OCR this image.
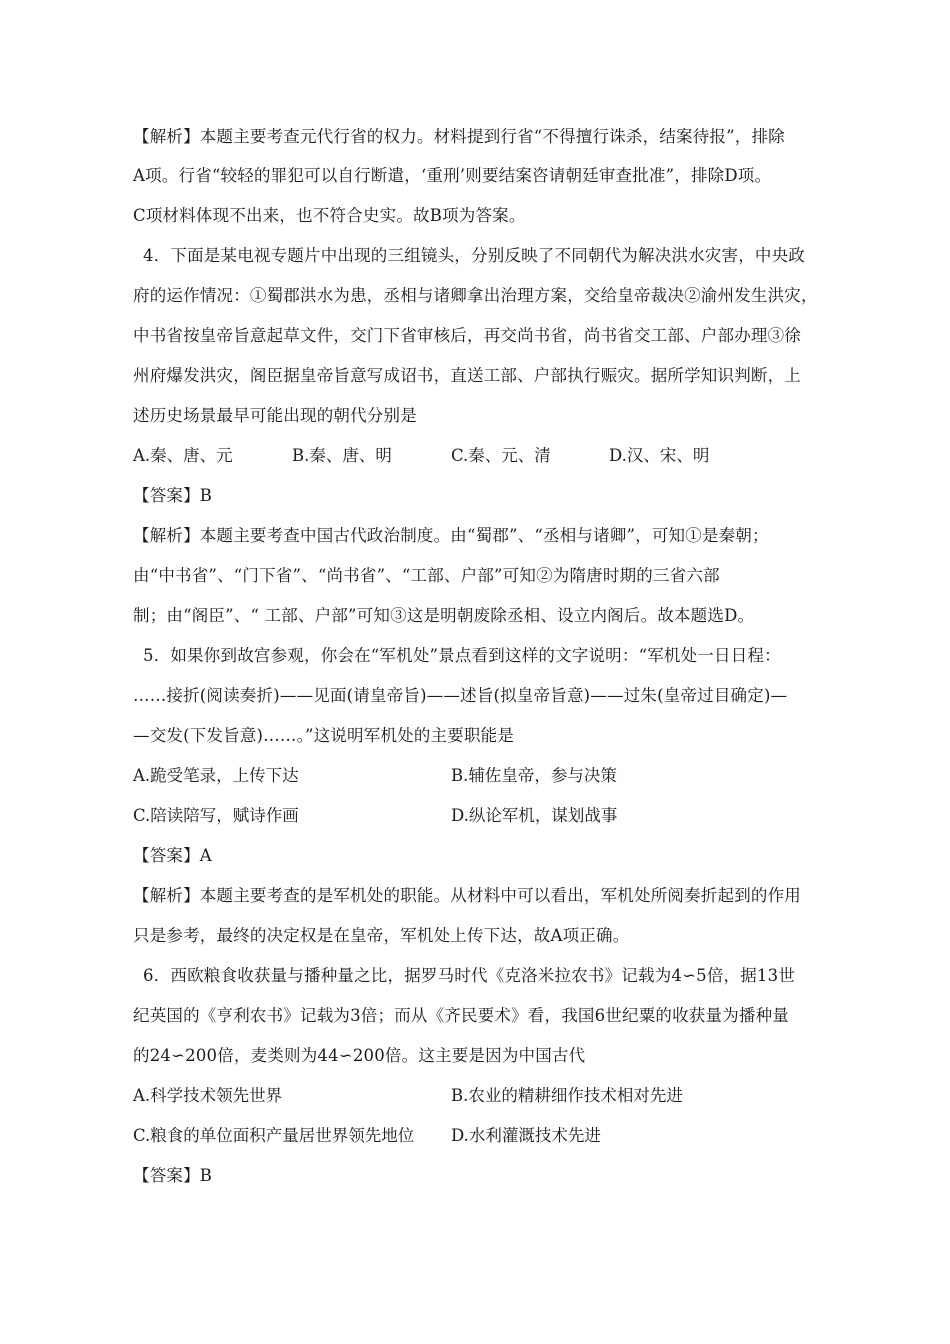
【解析】本题主要考查元代行省的权力。材料提到行省“不得擅行诛杀，结案待报”，排除
A项。行省“较轻的罪犯可以自行断遣，‘重刑’则要结案咨请朝廷审查批准”，排除D项。
C项材料体现不出来，也不符合史实。故B项为答案。
4．下面是某电视专题片中出现的三组镜头，分别反映了不同朝代为解决洪水灾害，中央政
府的运作情况：①蜀郡洪水为患，丞相与诸卿拿出治理方案，交给皇帝裁决②渝州发生洪灾，
中书省按皇帝旨意起草文件，交门下省审核后，再交尚书省，尚书省交工部、户部办理③徐
州府爆发洪灾，阁臣据皇帝旨意写成诏书，直送工部、户部执行赈灾。据所学知识判断，上
述历史场景最早可能出现的朝代分别是
A.秦、唐、元	B.秦、唐、明	C.秦、元、清	D.汉、宋、明
【答案】B
【解析】本题主要考查中国古代政治制度。由“蜀郡”、“丞相与诸卿”，可知①是秦朝；
由“中书省”、“门下省”、“尚书省”、“工部、户部”可知②为隋唐时期的三省六部
制；由“阁臣”、“ 工部、户部”可知③这是明朝废除丞相、设立内阁后。故本题选D。
5．如果你到故宫参观，你会在“军机处”景点看到这样的文字说明：“军机处一日日程：
……接折(阅读奏折)——见面(请皇帝旨)——述旨(拟皇帝旨意)——过朱(皇帝过目确定)—
—交发(下发旨意)……。”这说明军机处的主要职能是
A.跪受笔录，上传下达	B.辅佐皇帝，参与决策
C.陪读陪写，赋诗作画	D.纵论军机，谋划战事
【答案】A
【解析】本题主要考查的是军机处的职能。从材料中可以看出，军机处所阅奏折起到的作用
只是参考，最终的决定权是在皇帝，军机处上传下达，故A项正确。
6．西欧粮食收获量与播种量之比，据罗马时代《克洛米拉农书》记载为4∽5倍，据13世
纪英国的《亨利农书》记载为3倍；而从《齐民要术》看，我国6世纪粟的收获量为播种量
的24∽200倍，麦类则为44∽200倍。这主要是因为中国古代
A.科学技术领先世界	B.农业的精耕细作技术相对先进
C.粮食的单位面积产量居世界领先地位 D.水利灌溉技术先进
【答案】B
